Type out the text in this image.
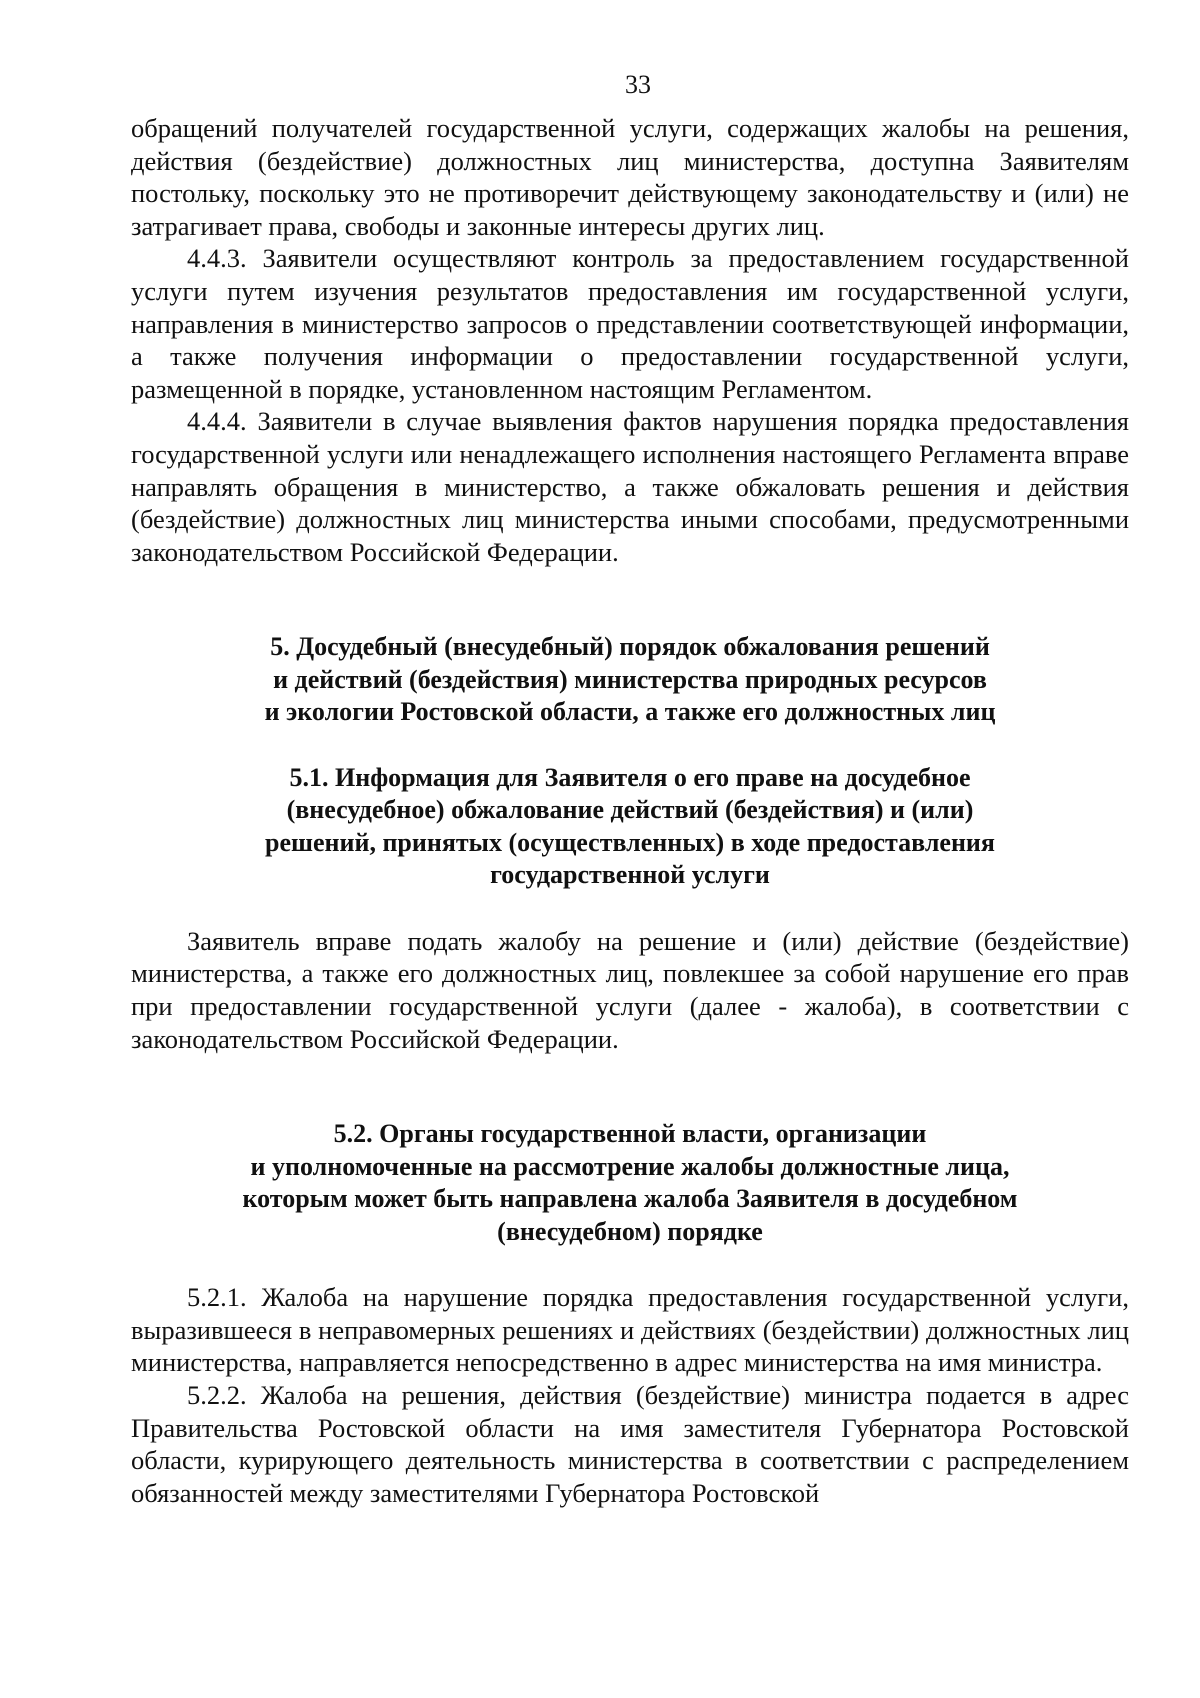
33

обращений получателей государственной услуги, содержащих жалобы на решения, действия (бездействие) должностных лиц министерства, доступна Заявителям постольку, поскольку это не противоречит действующему законодательству и (или) не затрагивает права, свободы и законные интересы других лиц.

4.4.3. Заявители осуществляют контроль за предоставлением государственной услуги путем изучения результатов предоставления им государственной услуги, направления в министерство запросов о представлении соответствующей информации, а также получения информации о предоставлении государственной услуги, размещенной в порядке, установленном настоящим Регламентом.

4.4.4. Заявители в случае выявления фактов нарушения порядка предоставления государственной услуги или ненадлежащего исполнения настоящего Регламента вправе направлять обращения в министерство, а также обжаловать решения и действия (бездействие) должностных лиц министерства иными способами, предусмотренными законодательством Российской Федерации.

5. Досудебный (внесудебный) порядок обжалования решений
и действий (бездействия) министерства природных ресурсов
и экологии Ростовской области, а также его должностных лиц
5.1. Информация для Заявителя о его праве на досудебное
(внесудебное) обжалование действий (бездействия) и (или)
решений, принятых (осуществленных) в ходе предоставления
государственной услуги

Заявитель вправе подать жалобу на решение и (или) действие (бездействие) министерства, а также его должностных лиц, повлекшее за собой нарушение его прав при предоставлении государственной услуги (далее - жалоба), в соответствии с законодательством Российской Федерации.

5.2. Органы государственной власти, организации
и уполномоченные на рассмотрение жалобы должностные лица,
которым может быть направлена жалоба Заявителя в досудебном
(внесудебном) порядке

5.2.1. Жалоба на нарушение порядка предоставления государственной услуги, выразившееся в неправомерных решениях и действиях (бездействии) должностных лиц министерства, направляется непосредственно в адрес министерства на имя министра.

5.2.2. Жалоба на решения, действия (бездействие) министра подается в адрес Правительства Ростовской области на имя заместителя Губернатора Ростовской области, курирующего деятельность министерства в соответствии с распределением обязанностей между заместителями Губернатора Ростовской
